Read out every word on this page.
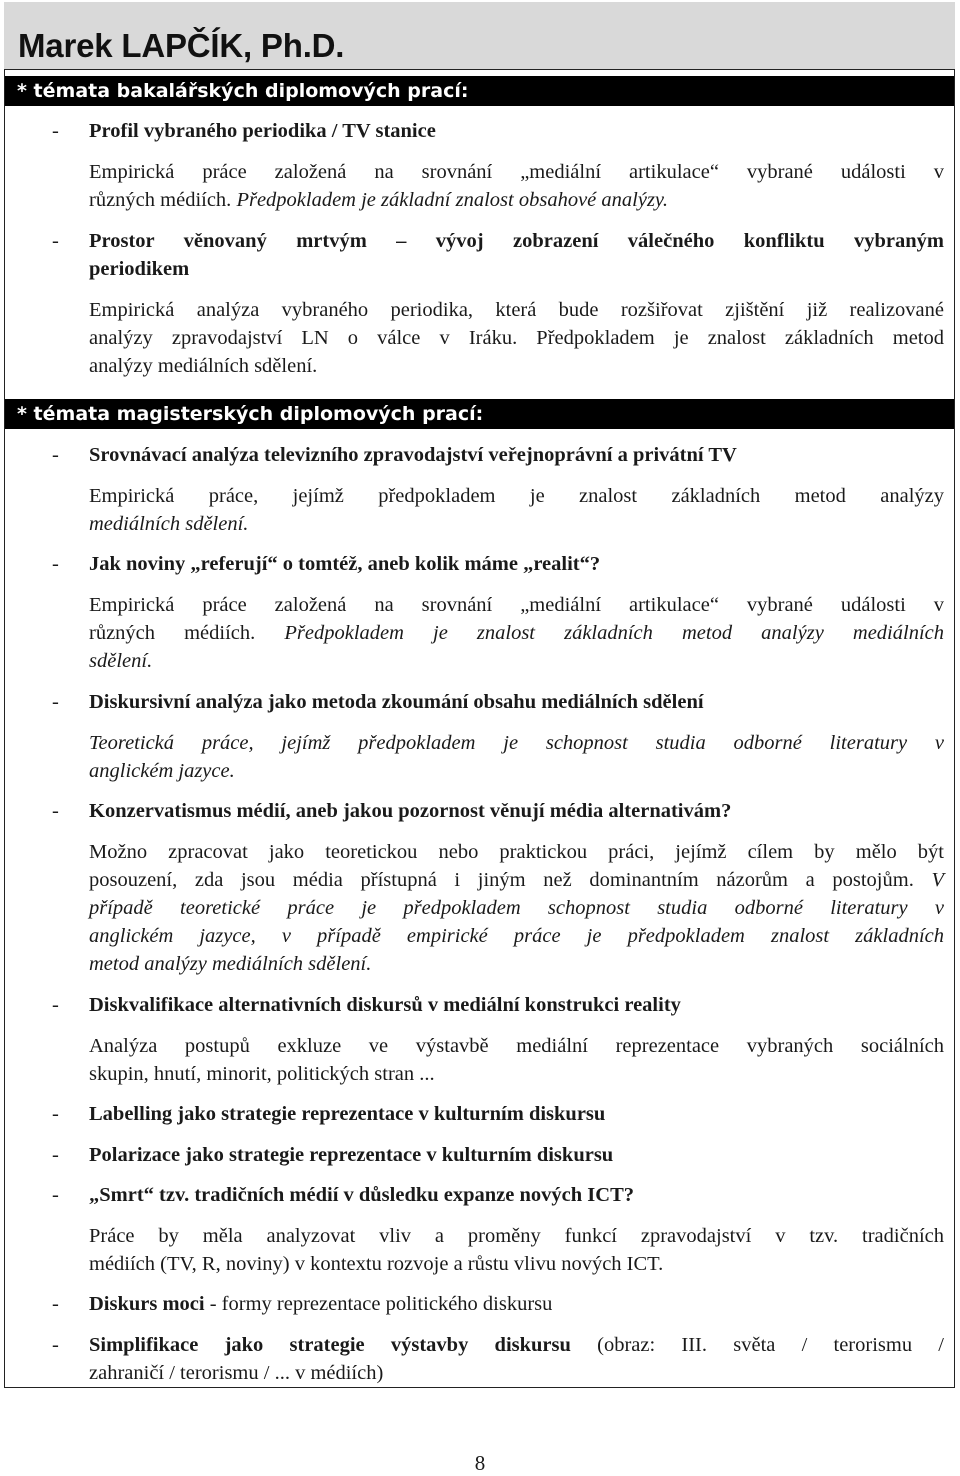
Marek LAPČÍK, Ph.D.
* témata bakalářských diplomových prací:
- Profil vybraného periodika / TV stanice
Empirická práce založená na srovnání „mediální artikulace“ vybrané události v
různých médiích. Předpokladem je základní znalost obsahové analýzy.
- Prostor věnovaný mrtvým – vývoj zobrazení válečného konfliktu vybraným
periodikem
Empirická analýza vybraného periodika, která bude rozšiřovat zjištění již realizované
analýzy zpravodajství LN o válce v Iráku. Předpokladem je znalost základních metod
analýzy mediálních sdělení.
* témata magisterských diplomových prací:
- Srovnávací analýza televizního zpravodajství veřejnoprávní a privátní TV
Empirická práce, jejímž předpokladem je znalost základních metod analýzy
mediálních sdělení.
- Jak noviny „referují“ o tomtéž, aneb kolik máme „realit“?
Empirická práce založená na srovnání „mediální artikulace“ vybrané události v
různých médiích. Předpokladem je znalost základních metod analýzy mediálních
sdělení.
- Diskursivní analýza jako metoda zkoumání obsahu mediálních sdělení
Teoretická práce, jejímž předpokladem je schopnost studia odborné literatury v
anglickém jazyce.
- Konzervatismus médií, aneb jakou pozornost věnují média alternativám?
Možno zpracovat jako teoretickou nebo praktickou práci, jejímž cílem by mělo být
posouzení, zda jsou média přístupná i jiným než dominantním názorům a postojům. V
případě teoretické práce je předpokladem schopnost studia odborné literatury v
anglickém jazyce, v případě empirické práce je předpokladem znalost základních
metod analýzy mediálních sdělení.
- Diskvalifikace alternativních diskursů v mediální konstrukci reality
Analýza postupů exkluze ve výstavbě mediální reprezentace vybraných sociálních
skupin, hnutí, minorit, politických stran ...
- Labelling jako strategie reprezentace v kulturním diskursu
- Polarizace jako strategie reprezentace v kulturním diskursu
- „Smrt“ tzv. tradičních médií v důsledku expanze nových ICT?
Práce by měla analyzovat vliv a proměny funkcí zpravodajství v tzv. tradičních
médiích (TV, R, noviny) v kontextu rozvoje a růstu vlivu nových ICT.
- Diskurs moci - formy reprezentace politického diskursu
- Simplifikace jako strategie výstavby diskursu (obraz: III. světa / terorismu /
zahraničí / terorismu / ... v médiích)
8
